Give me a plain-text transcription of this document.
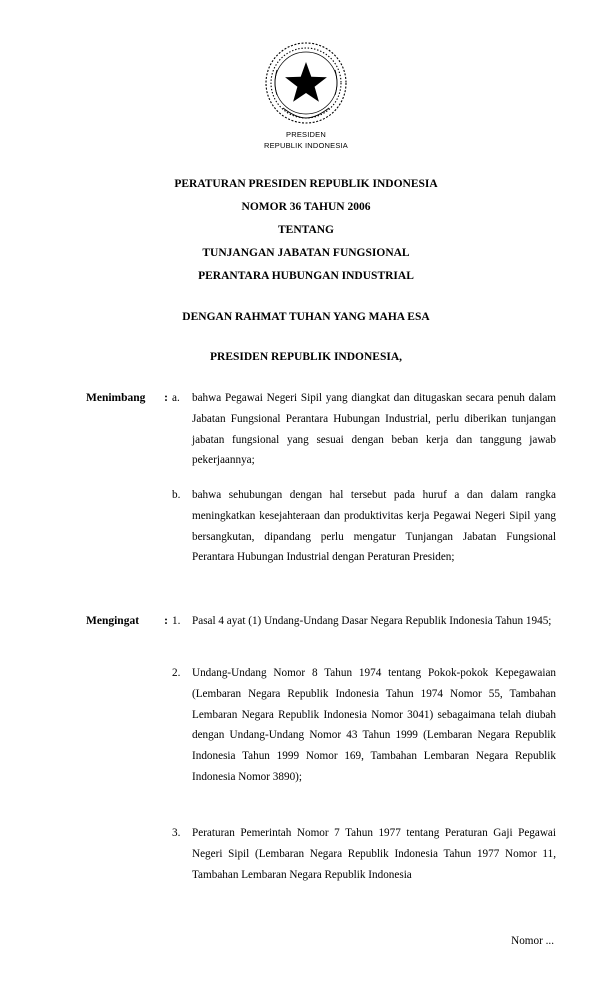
PRESIDEN
REPUBLIK INDONESIA
PERATURAN PRESIDEN REPUBLIK INDONESIA
NOMOR 36 TAHUN 2006
TENTANG
TUNJANGAN JABATAN FUNGSIONAL
PERANTARA HUBUNGAN INDUSTRIAL
DENGAN RAHMAT TUHAN YANG MAHA ESA
PRESIDEN REPUBLIK INDONESIA,
Menimbang : a. bahwa Pegawai Negeri Sipil yang diangkat dan ditugaskan secara penuh dalam Jabatan Fungsional Perantara Hubungan Industrial, perlu diberikan tunjangan jabatan fungsional yang sesuai dengan beban kerja dan tanggung jawab pekerjaannya;
b. bahwa sehubungan dengan hal tersebut pada huruf a dan dalam rangka meningkatkan kesejahteraan dan produktivitas kerja Pegawai Negeri Sipil yang bersangkutan, dipandang perlu mengatur Tunjangan Jabatan Fungsional Perantara Hubungan Industrial dengan Peraturan Presiden;
Mengingat : 1. Pasal 4 ayat (1) Undang-Undang Dasar Negara Republik Indonesia Tahun 1945;
2. Undang-Undang Nomor 8 Tahun 1974 tentang Pokok-pokok Kepegawaian (Lembaran Negara Republik Indonesia Tahun 1974 Nomor 55, Tambahan Lembaran Negara Republik Indonesia Nomor 3041) sebagaimana telah diubah dengan Undang-Undang Nomor 43 Tahun 1999 (Lembaran Negara Republik Indonesia Tahun 1999 Nomor 169, Tambahan Lembaran Negara Republik Indonesia Nomor 3890);
3. Peraturan Pemerintah Nomor 7 Tahun 1977 tentang Peraturan Gaji Pegawai Negeri Sipil (Lembaran Negara Republik Indonesia Tahun 1977 Nomor 11, Tambahan Lembaran Negara Republik Indonesia
Nomor ...
